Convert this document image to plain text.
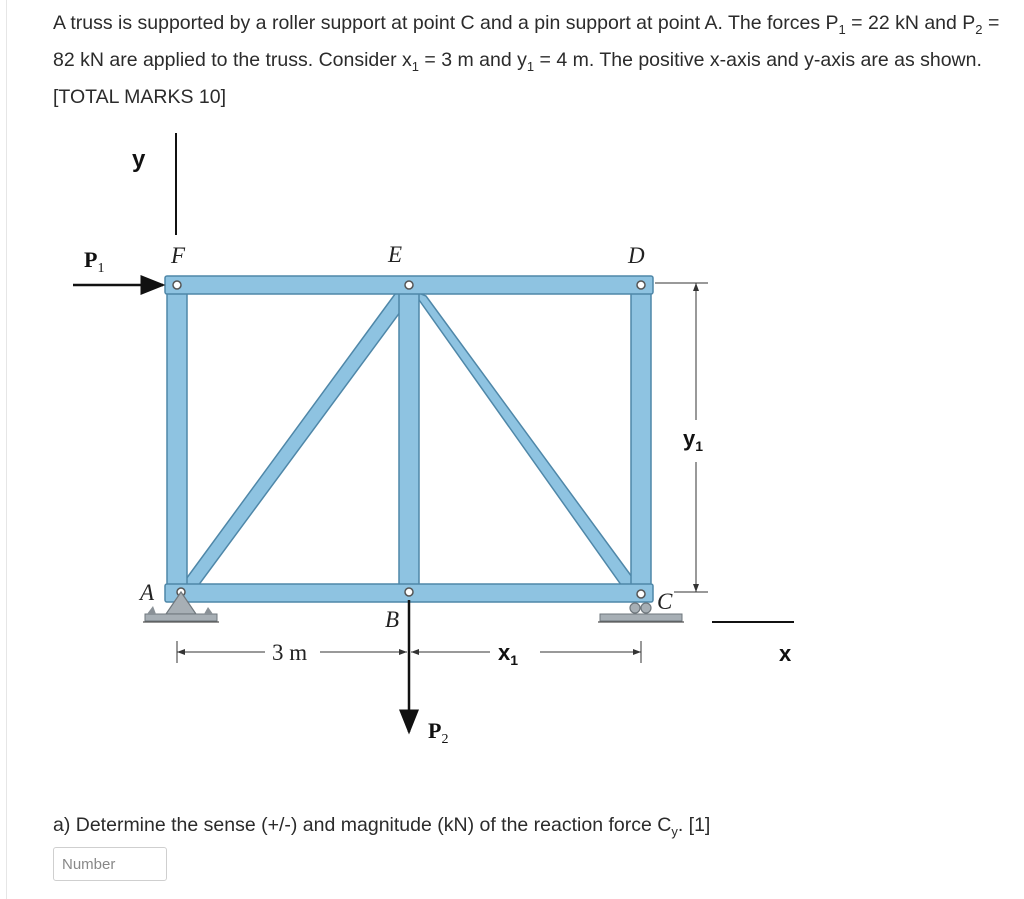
A truss is supported by a roller support at point C and a pin support at point A. The forces $P_1 = 22$ kN and $P_2 = 82$ kN are applied to the truss. Consider $x_1 = 3$ m and $y_1 = 4$ m. The positive x-axis and y-axis are as shown. [TOTAL MARKS 10]
y
x
F	E	D
A
B
C
$P_1$
$P_2$
3 m	$x_1$
$y_1$
a) Determine the sense (+/-) and magnitude (kN) of the reaction force $C_y$. [1]
Number
